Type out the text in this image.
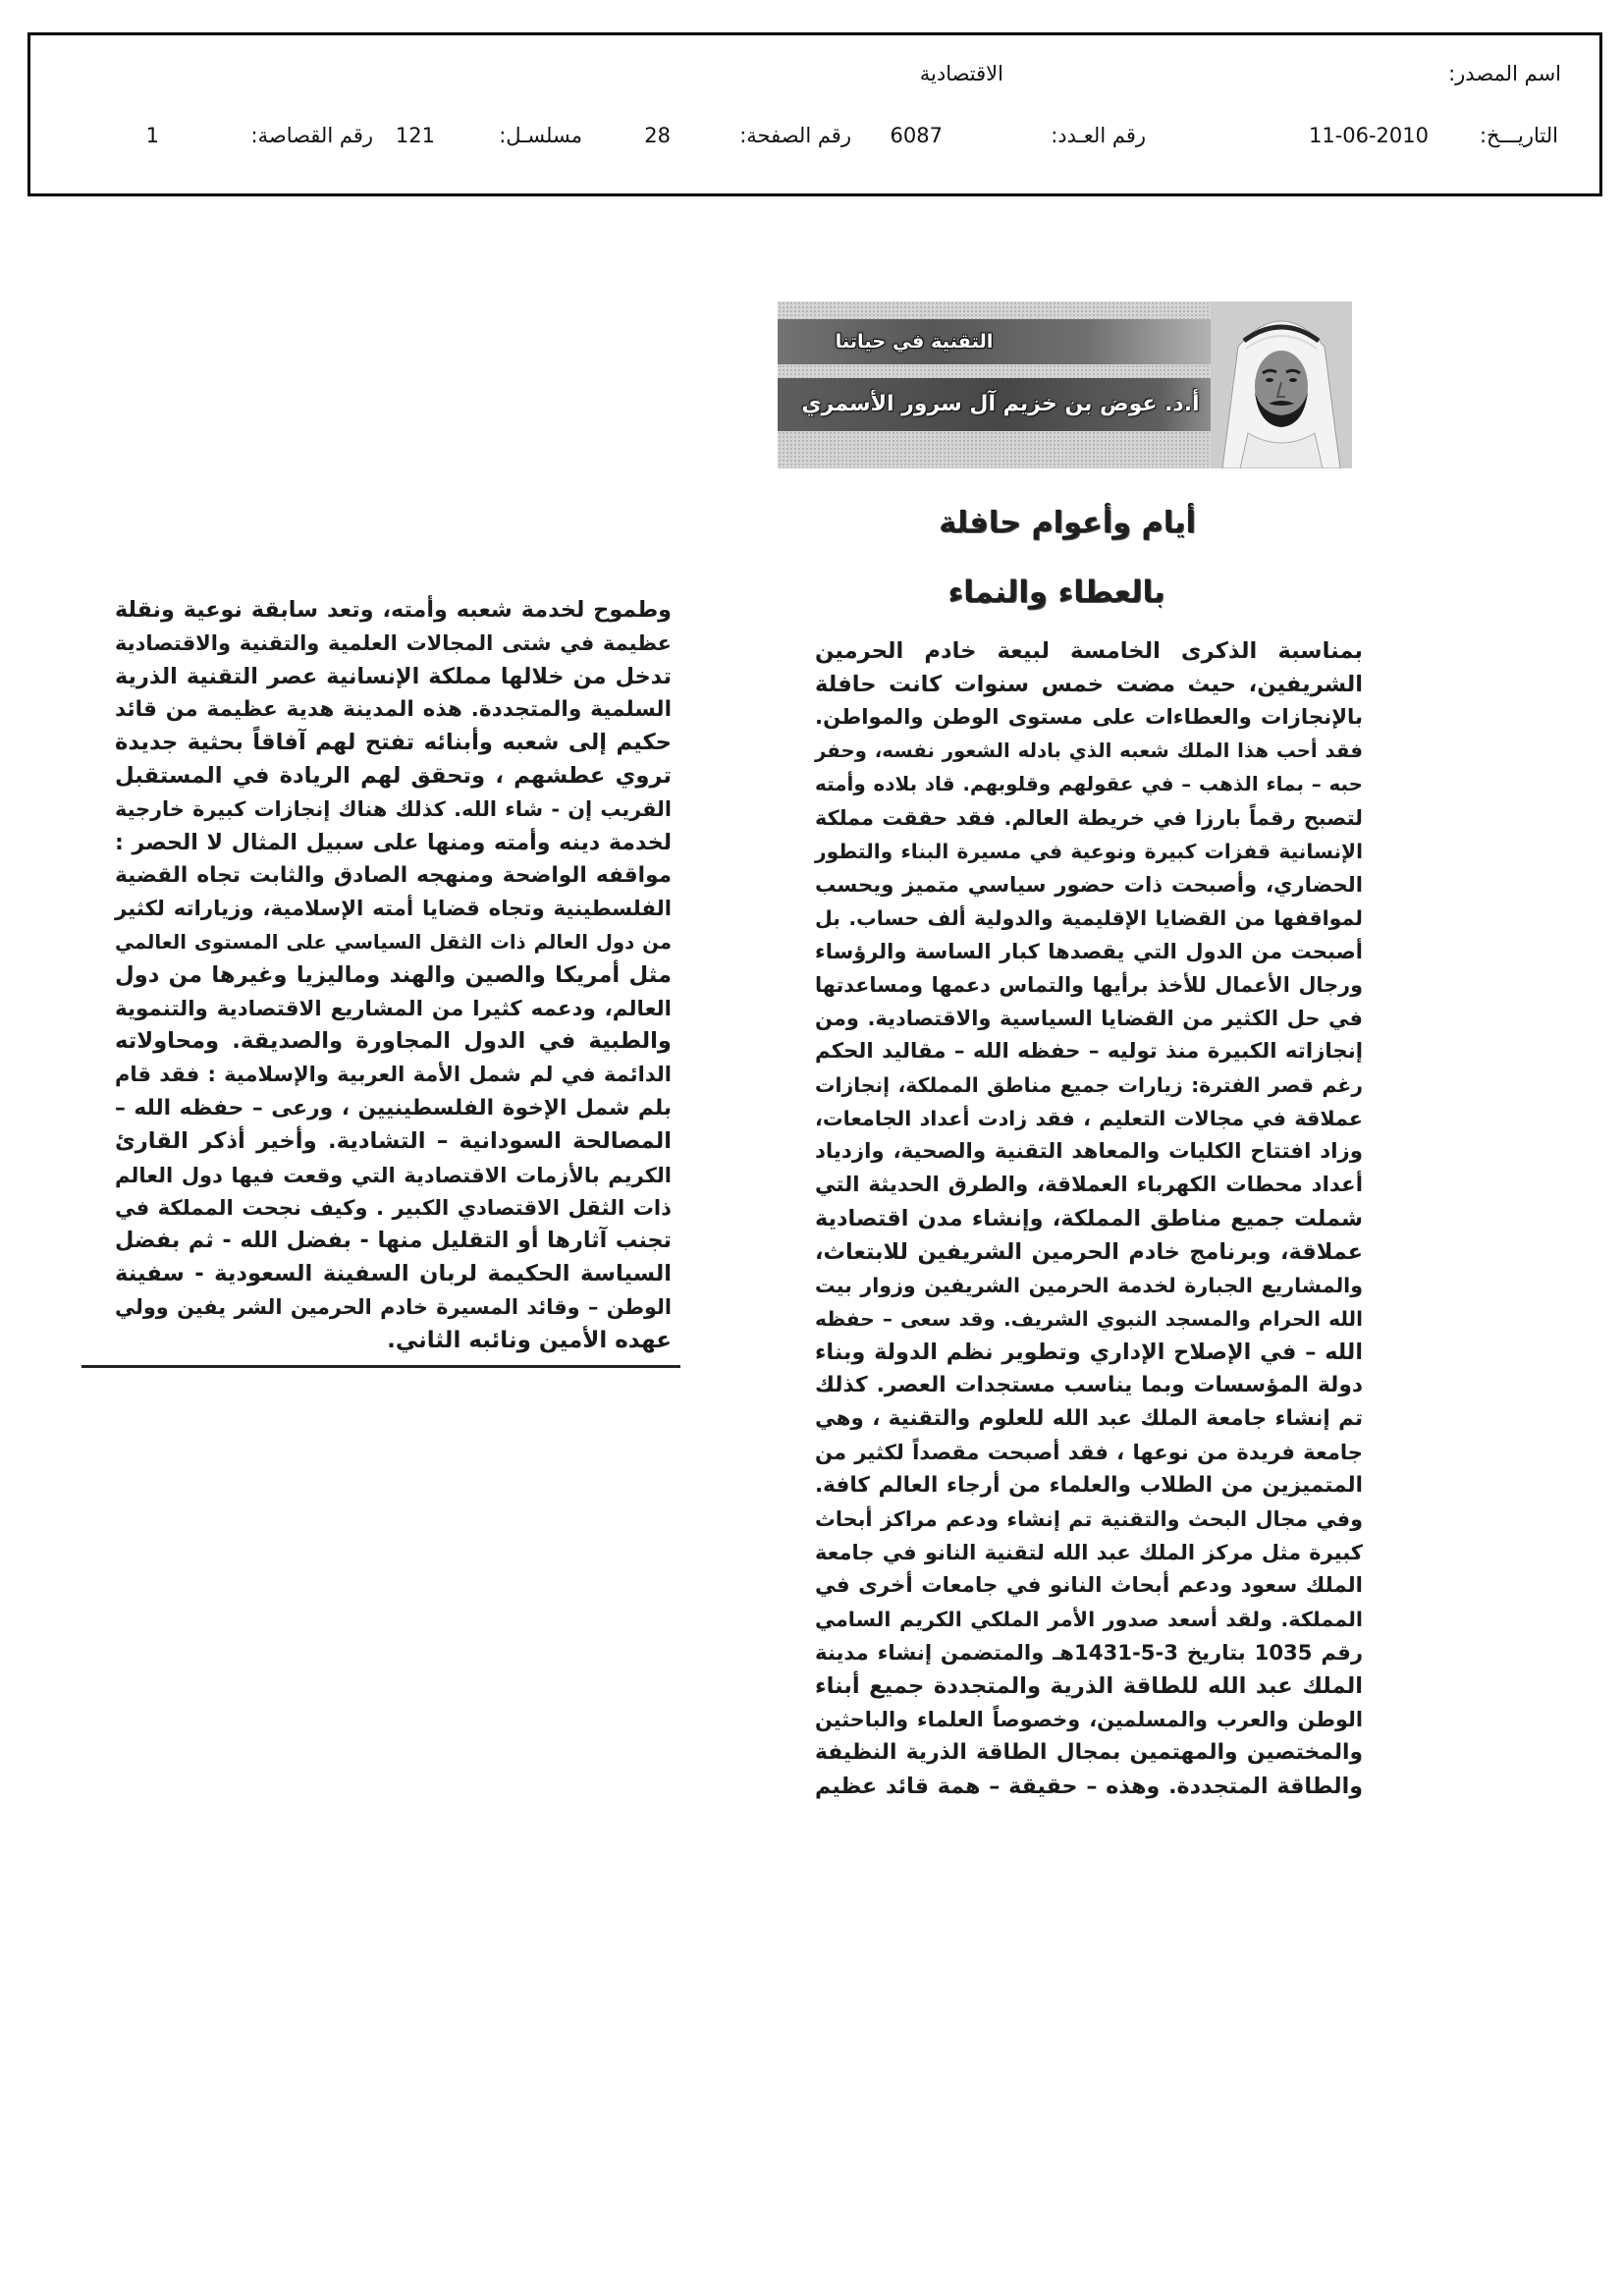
اسم المصدر:
الاقتصادية
التاريـــخ:
11-06-2010
رقم العـدد:
6087
رقم الصفحة:
28
مسلسـل:
121
رقم القصاصة:
1
التقنية في حياتنا
أ.د. عوض بن خزيم آل سرور الأسمري
أيام وأعوام حافلة
بالعطاء والنماء
بمناسبة الذكرى الخامسة لبيعة خادم الحرمين
الشريفين، حيث مضت خمس سنوات كانت حافلة
بالإنجازات والعطاءات على مستوى الوطن والمواطن.
فقد أحب هذا الملك شعبه الذي بادله الشعور نفسه، وحفر
حبه – بماء الذهب – في عقولهم وقلوبهم. قاد بلاده وأمته
لتصبح رقماً بارزا في خريطة العالم. فقد حققت مملكة
الإنسانية قفزات كبيرة ونوعية في مسيرة البناء والتطور
الحضاري، وأصبحت ذات حضور سياسي متميز ويحسب
لمواقفها من القضايا الإقليمية والدولية ألف حساب. بل
أصبحت من الدول التي يقصدها كبار الساسة والرؤساء
ورجال الأعمال للأخذ برأيها والتماس دعمها ومساعدتها
في حل الكثير من القضايا السياسية والاقتصادية. ومن
إنجازاته الكبيرة منذ توليه – حفظه الله – مقاليد الحكم
رغم قصر الفترة: زيارات جميع مناطق المملكة، إنجازات
عملاقة في مجالات التعليم ، فقد زادت أعداد الجامعات،
وزاد افتتاح الكليات والمعاهد التقنية والصحية، وازدياد
أعداد محطات الكهرباء العملاقة، والطرق الحديثة التي
شملت جميع مناطق المملكة، وإنشاء مدن اقتصادية
عملاقة، وبرنامج خادم الحرمين الشريفين للابتعاث،
والمشاريع الجبارة لخدمة الحرمين الشريفين وزوار بيت
الله الحرام والمسجد النبوي الشريف. وقد سعى – حفظه
الله – في الإصلاح الإداري وتطوير نظم الدولة وبناء
دولة المؤسسات وبما يناسب مستجدات العصر. كذلك
تم إنشاء جامعة الملك عبد الله للعلوم والتقنية ، وهي
جامعة فريدة من نوعها ، فقد أصبحت مقصداً لكثير من
المتميزين من الطلاب والعلماء من أرجاء العالم كافة.
وفي مجال البحث والتقنية تم إنشاء ودعم مراكز أبحاث
كبيرة مثل مركز الملك عبد الله لتقنية النانو في جامعة
الملك سعود ودعم أبحاث النانو في جامعات أخرى في
المملكة. ولقد أسعد صدور الأمر الملكي الكريم السامي
رقم 1035 بتاريخ 3-5-1431هـ والمتضمن إنشاء مدينة
الملك عبد الله للطاقة الذرية والمتجددة جميع أبناء
الوطن والعرب والمسلمين، وخصوصاً العلماء والباحثين
والمختصين والمهتمين بمجال الطاقة الذرية النظيفة
والطاقة المتجددة. وهذه – حقيقة – همة قائد عظيم
وطموح لخدمة شعبه وأمته، وتعد سابقة نوعية ونقلة
عظيمة في شتى المجالات العلمية والتقنية والاقتصادية
تدخل من خلالها مملكة الإنسانية عصر التقنية الذرية
السلمية والمتجددة. هذه المدينة هدية عظيمة من قائد
حكيم إلى شعبه وأبنائه تفتح لهم آفاقاً بحثية جديدة
تروي عطشهم ، وتحقق لهم الريادة في المستقبل
القريب إن - شاء الله. كذلك هناك إنجازات كبيرة خارجية
لخدمة دينه وأمته ومنها على سبيل المثال لا الحصر :
مواقفه الواضحة ومنهجه الصادق والثابت تجاه القضية
الفلسطينية وتجاه قضايا أمته الإسلامية، وزياراته لكثير
من دول العالم ذات الثقل السياسي على المستوى العالمي
مثل أمريكا والصين والهند وماليزيا وغيرها من دول
العالم، ودعمه كثيرا من المشاريع الاقتصادية والتنموية
والطبية في الدول المجاورة والصديقة. ومحاولاته
الدائمة في لم شمل الأمة العربية والإسلامية : فقد قام
بلم شمل الإخوة الفلسطينيين ، ورعى – حفظه الله –
المصالحة السودانية – التشادية. وأخير أذكر القارئ
الكريم بالأزمات الاقتصادية التي وقعت فيها دول العالم
ذات الثقل الاقتصادي الكبير . وكيف نجحت المملكة في
تجنب آثارها أو التقليل منها - بفضل الله - ثم بفضل
السياسة الحكيمة لربان السفينة السعودية - سفينة
الوطن – وقائد المسيرة خادم الحرمين الشر يفين وولي
عهده الأمين ونائبه الثاني.
